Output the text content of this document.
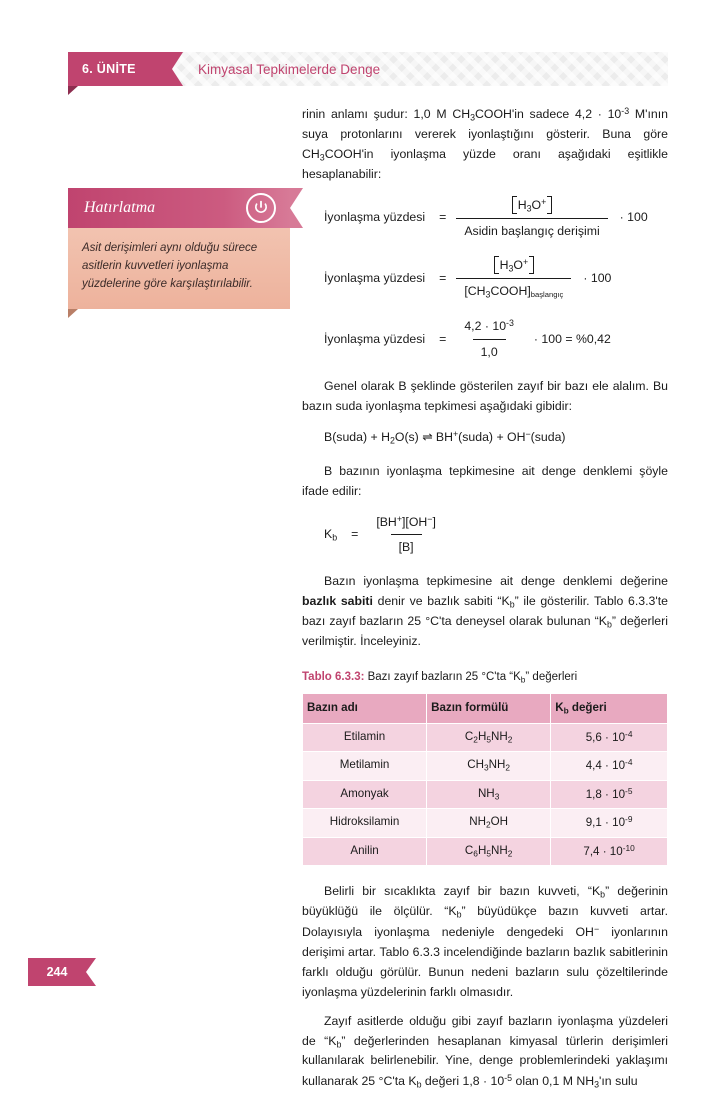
6. ÜNİTE	Kimyasal Tepkimelerde Denge
Hatırlatma
Asit derişimleri aynı olduğu sürece asitlerin kuvvetleri iyonlaşma yüzdelerine göre karşılaştırılabilir.

rinin anlamı şudur: 1,0 M $CH_3COOH'in$ sadece $4,2 \cdot 10^{-3}$ M'ının suya protonlarını vererek iyonlaştığını gösterir. Buna göre $CH_3COOH'in$ iyonlaşma yüzde oranı aşağıdaki eşitlikle hesaplanabilir:

İyonlaşma yüzdesi	= $\frac{H_3O^+}{\text{Asidin başlangıç derişimi}} \cdot 100$
İyonlaşma yüzdesi	= $\frac{H_3O^+}{[CH_3COOH]_{başlangıç}} \cdot 100$
İyonlaşma yüzdesi	= $\frac{4,2 \cdot 10^{-3}}{1,0} \cdot 100 = \%0,42$

Genel olarak B şeklinde gösterilen zayıf bir bazı ele alalım. Bu bazın suda iyonlaşma tepkimesi aşağıdaki gibidir:

B(suda) + $H_2O(s)$ ⇌ BH+(suda) + OH−(suda)

B bazının iyonlaşma tepkimesine ait denge denklemi şöyle ifade edilir:

$K_b$	= $\frac{[BH^+][OH^-]}{[B]}$

Bazın iyonlaşma tepkimesine ait denge denklemi değerine bazlık sabiti denir ve bazlık sabiti “$K_b$” ile gösterilir. Tablo 6.3.3'te bazı zayıf bazların 25 °C'ta deneysel olarak bulunan “$K_b$” değerleri verilmiştir. İnceleyiniz.

Tablo 6.3.3: Bazı zayıf bazların 25 °C'ta “$K_b$” değerleri
Bazın adı	Bazın formülü	$K_b$ değeri
Etilamin	$C_2H_5NH_2$	$5,6 \cdot 10^{-4}$
Metilamin	$CH_3NH_2$	$4,4 \cdot 10^{-4}$
Amonyak	$NH_3$	$1,8 \cdot 10^{-5}$
Hidroksilamin	$NH_2OH$	$9,1 \cdot 10^{-9}$
Anilin	$C_6H_5NH_2$	$7,4 \cdot 10^{-10}$

Belirli bir sıcaklıkta zayıf bir bazın kuvveti, “$K_b$” değerinin büyüklüğü ile ölçülür. “$K_b$” büyüdükçe bazın kuvveti artar. Dolayısıyla iyonlaşma nedeniyle dengedeki OH− iyonlarının derişimi artar. Tablo 6.3.3 incelendiğinde bazların bazlık sabitlerinin farklı olduğu görülür. Bunun nedeni bazların sulu çözeltilerinde iyonlaşma yüzdelerinin farklı olmasıdır.

Zayıf asitlerde olduğu gibi zayıf bazların iyonlaşma yüzdeleri de “$K_b$” değerlerinden hesaplanan kimyasal türlerin derişimleri kullanılarak belirlenebilir. Yine, denge problemlerindeki yaklaşımı kullanarak 25 °C'ta $K_b$ değeri $1,8 \cdot 10^{-5}$ olan 0,1 M $NH_3'ın$ sulu

244
